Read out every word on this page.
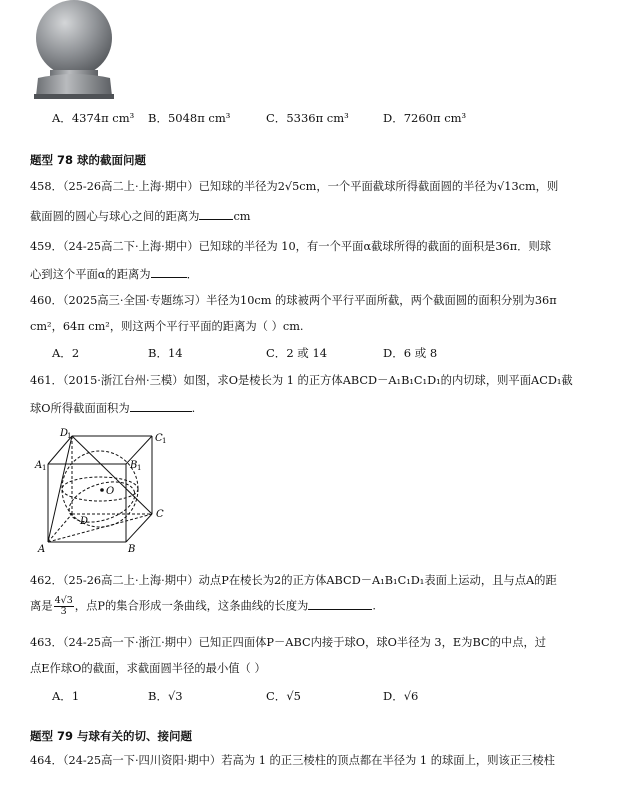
A．4374π cm³ B．5048π cm³	C．5336π cm³	D．7260π cm³
题型 78 球的截面问题
458．（25-26高二上·上海·期中）已知球的半径为2√5cm，一个平面截球所得截面圆的半径为√13cm，则
截面圆的圆心与球心之间的距离为	cm
459．（24-25高二下·上海·期中）已知球的半径为 10，有一个平面α截球所得的截面的面积是36π．则球
心到这个平面α的距离为	．
460．（2025高三·全国·专题练习）半径为10cm 的球被两个平行平面所截，两个截面圆的面积分别为36π
cm²，64π cm²，则这两个平行平面的距离为（ ）cm.
A．2	B．14	C．2 或 14	D．6 或 8
461．（2015·浙江台州·三模）如图，求O是棱长为 1 的正方体ABCD－A₁B₁C₁D₁的内切球，则平面ACD₁截
球O所得截面面积为	.
D
1	C 1
A 1	B 1
O
D
C
A	B
462．（25-26高二上·上海·期中）动点P在棱长为2的正方体ABCD－A₁B₁C₁D₁表面上运动，且与点A的距
离是 $\frac{4√3}{3}$ ，点P的集合形成一条曲线，这条曲线的长度为	.
463．（24-25高一下·浙江·期中）已知正四面体P－ABC内接于球O，球O半径为 3，E为BC的中点，过
点E作球O的截面，求截面圆半径的最小值（ ）
A．1	B．√3	C．√5	D．√6
题型 79 与球有关的切、接问题
464．（24-25高一下·四川资阳·期中）若高为 1 的正三棱柱的顶点都在半径为 1 的球面上，则该正三棱柱
